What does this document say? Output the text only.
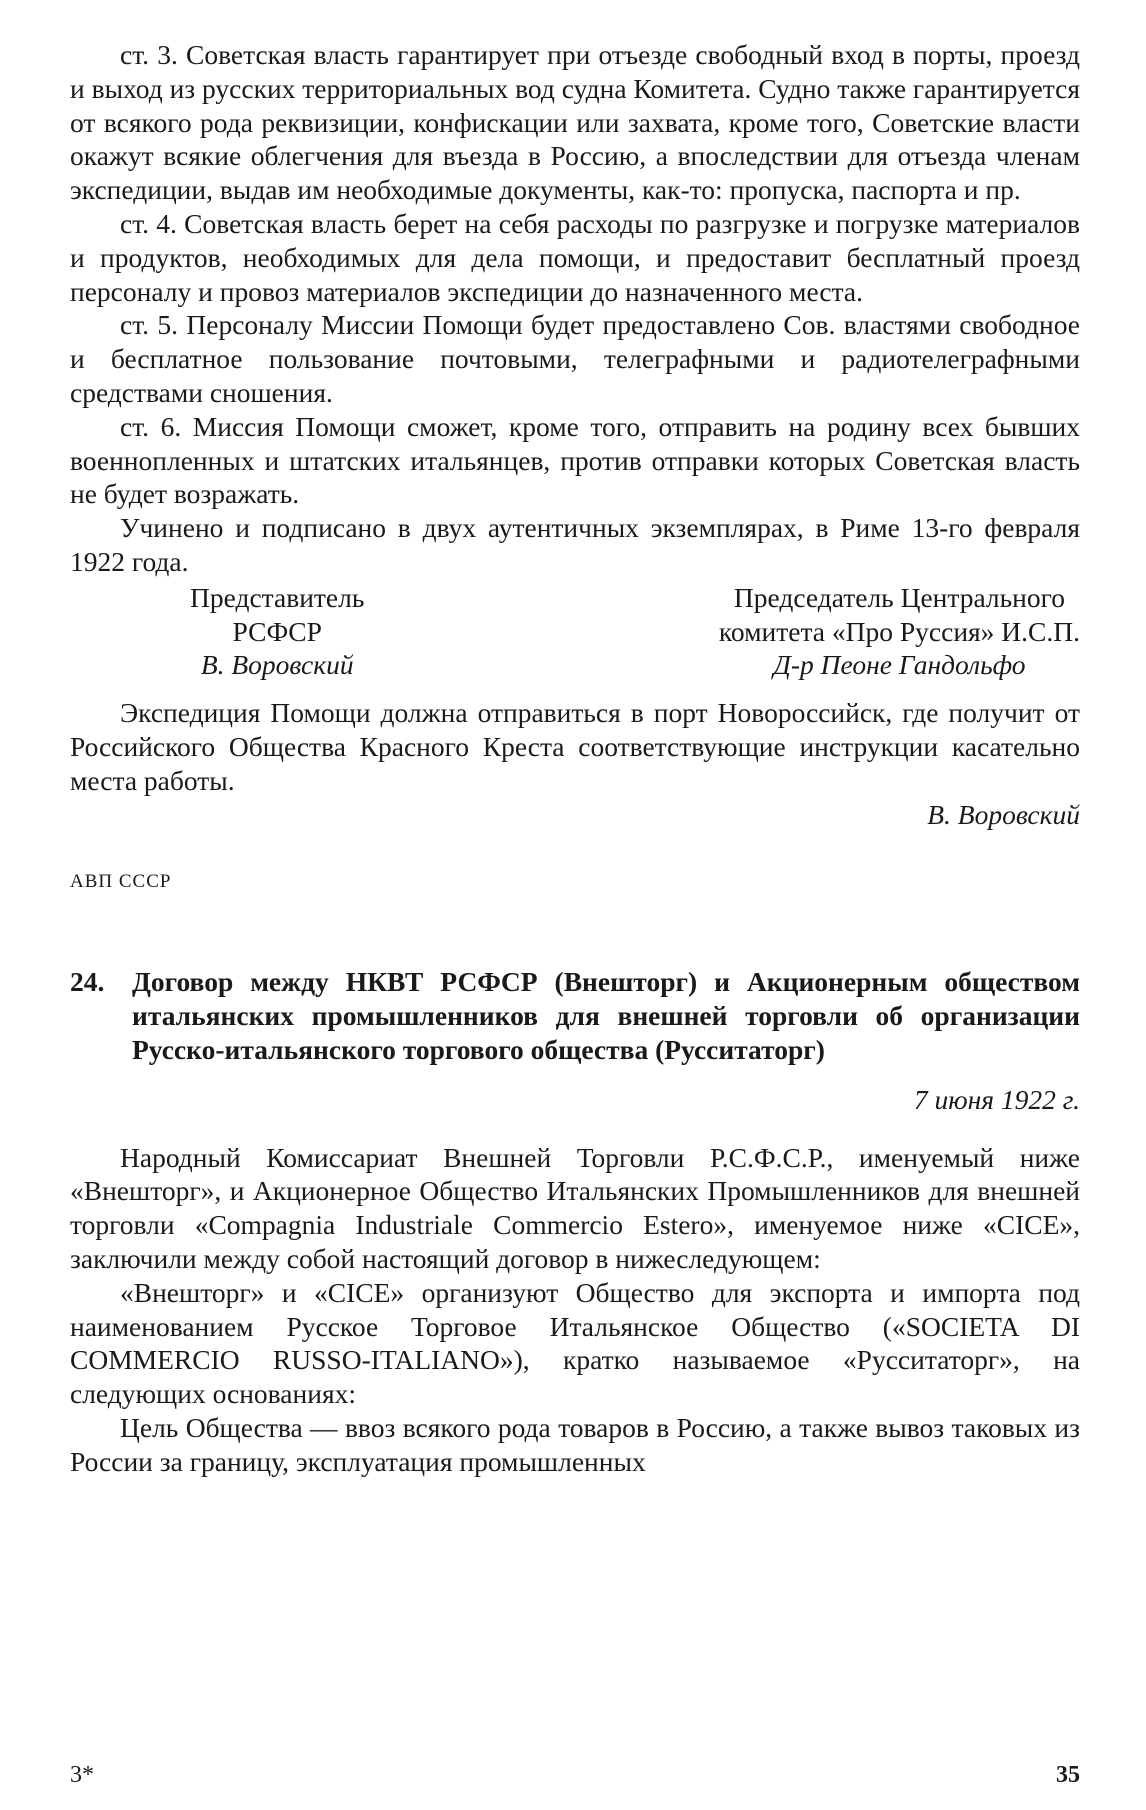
ст. 3. Советская власть гарантирует при отъезде свободный вход в порты, проезд и выход из русских территориальных вод судна Комитета. Судно также гарантируется от всякого рода реквизиции, конфискации или захвата, кроме того, Советские власти окажут всякие облегчения для въезда в Россию, а впоследствии для отъезда членам экспедиции, выдав им необходимые документы, как-то: пропуска, паспорта и пр.

ст. 4. Советская власть берет на себя расходы по разгрузке и погрузке материалов и продуктов, необходимых для дела помощи, и предоставит бесплатный проезд персоналу и провоз материалов экспедиции до назначенного места.

ст. 5. Персоналу Миссии Помощи будет предоставлено Сов. властями свободное и бесплатное пользование почтовыми, телеграфными и радиотелеграфными средствами сношения.

ст. 6. Миссия Помощи сможет, кроме того, отправить на родину всех бывших военнопленных и штатских итальянцев, против отправки которых Советская власть не будет возражать.

Учинено и подписано в двух аутентичных экземплярах, в Риме 13-го февраля 1922 года.

Представитель
РСФСР
В. Воровский
Председатель Центрального
комитета «Про Руссия» И.С.П.
Д-р Пеоне Гандольфо

Экспедиция Помощи должна отправиться в порт Новороссийск, где получит от Российского Общества Красного Креста соответствующие инструкции касательно места работы.

В. Воровский

АВП СССР
24.	Договор между НКВТ РСФСР (Внешторг) и Акционерным обществом итальянских промышленников для внешней торговли об организации Русско-итальянского торгового общества (Русситаторг)
7 июня 1922 г.

Народный Комиссариат Внешней Торговли Р.С.Ф.С.Р., именуемый ниже «Внешторг», и Акционерное Общество Итальянских Промышленников для внешней торговли «Compagnia Industriale Commercio Estero», именуемое ниже «CICE», заключили между собой настоящий договор в нижеследующем:

«Внешторг» и «CICE» организуют Общество для экспорта и импорта под наименованием Русское Торговое Итальянское Общество («SOCIETA DI COMMERCIO RUSSO-ITALIANO»), кратко называемое «Русситаторг», на следующих основаниях:

Цель Общества — ввоз всякого рода товаров в Россию, а также вывоз таковых из России за границу, эксплуатация промышленных

3*	35
